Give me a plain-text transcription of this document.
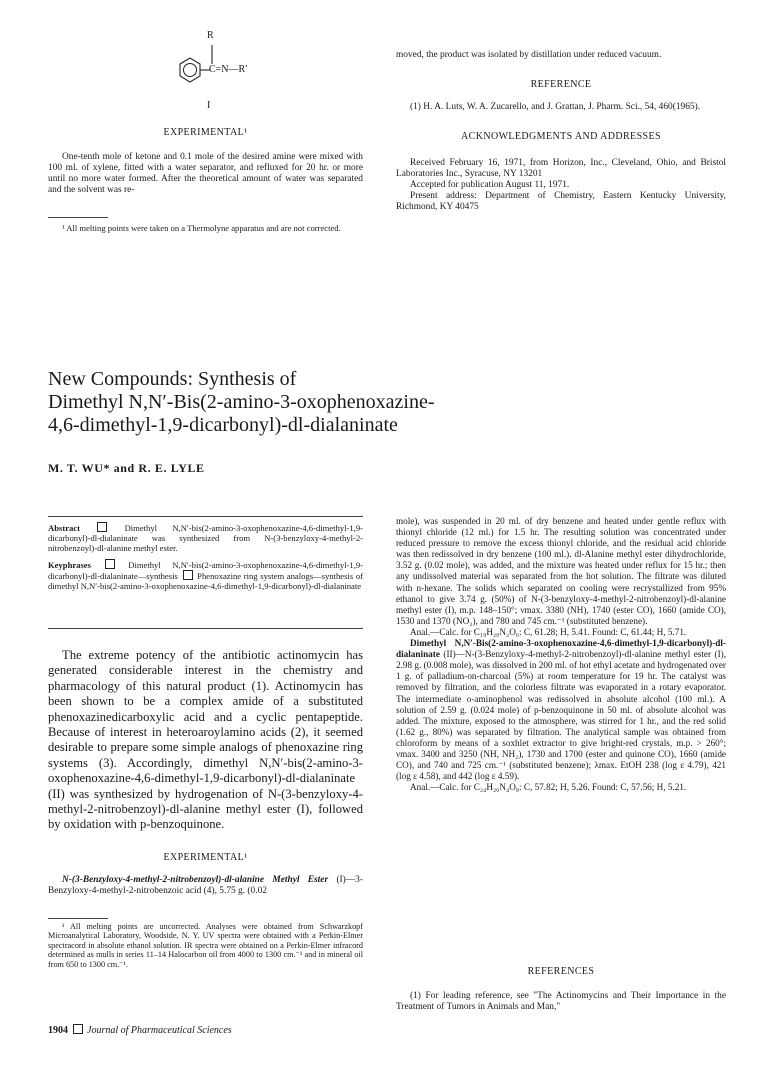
R
C=N—R′
I

EXPERIMENTAL¹

One-tenth mole of ketone and 0.1 mole of the desired amine were mixed with 100 ml. of xylene, fitted with a water separator, and refluxed for 20 hr. or more until no more water formed. After the theoretical amount of water was separated and the solvent was re-

¹ All melting points were taken on a Thermolyne apparatus and are not corrected.

moved, the product was isolated by distillation under reduced vacuum.

REFERENCE

(1) H. A. Luts, W. A. Zucarello, and J. Grattan, J. Pharm. Sci., 54, 460(1965).

ACKNOWLEDGMENTS AND ADDRESSES

Received February 16, 1971, from Horizon, Inc., Cleveland, Ohio, and Bristol Laboratories Inc., Syracuse, NY 13201

Accepted for publication August 11, 1971.

Present address: Department of Chemistry, Eastern Kentucky University, Richmond, KY 40475

New Compounds: Synthesis of

Dimethyl N,N′-Bis(2-amino-3-oxophenoxazine-

4,6-dimethyl-1,9-dicarbonyl)-dl-dialaninate

M. T. WU* and R. E. LYLE

Abstract	Dimethyl N,N′-bis(2-amino-3-oxophenoxazine-4,6-dimethyl-1,9-dicarbonyl)-dl-dialaninate was synthesized from N-(3-benzyloxy-4-methyl-2-nitrobenzoyl)-dl-alanine methyl ester.

Keyphrases	Dimethyl N,N′-bis(2-amino-3-oxophenoxazine-4,6-dimethyl-1,9-dicarbonyl)-dl-dialaninate—synthesis Phenoxazine ring system analogs—synthesis of dimethyl N,N′-bis(2-amino-3-oxophenoxazine-4,6-dimethyl-1,9-dicarbonyl)-dl-dialaninate

The extreme potency of the antibiotic actinomycin has generated considerable interest in the chemistry and pharmacology of this natural product (1). Actinomycin has been shown to be a complex amide of a substituted phenoxazinedicarboxylic acid and a cyclic pentapeptide. Because of interest in heteroaroylamino acids (2), it seemed desirable to prepare some simple analogs of phenoxazine ring systems (3). Accordingly, dimethyl N,N′-bis(2-amino-3-oxophenoxazine-4,6-dimethyl-1,9-dicarbonyl)-dl-dialaninate (II) was synthesized by hydrogenation of N-(3-benzyloxy-4-methyl-2-nitrobenzoyl)-dl-alanine methyl ester (I), followed by oxidation with p-benzoquinone.

EXPERIMENTAL¹

N-(3-Benzyloxy-4-methyl-2-nitrobenzoyl)-dl-alanine Methyl Ester (I)—3-Benzyloxy-4-methyl-2-nitrobenzoic acid (4), 5.75 g. (0.02

¹ All melting points are uncorrected. Analyses were obtained from Schwarzkopf Microanalytical Laboratory, Woodside, N. Y. UV spectra were obtained with a Perkin-Elmer spectracord in absolute ethanol solution. IR spectra were obtained on a Perkin-Elmer infracord determined as mulls in series 11–14 Halocarbon oil from 4000 to 1300 cm.⁻¹ and in mineral oil from 650 to 1300 cm.⁻¹.

mole), was suspended in 20 ml. of dry benzene and heated under gentle reflux with thionyl chloride (12 ml.) for 1.5 hr. The resulting solution was concentrated under reduced pressure to remove the excess thionyl chloride, and the residual acid chloride was then redissolved in dry benzene (100 ml.). dl-Alanine methyl ester dihydrochloride, 3.52 g. (0.02 mole), was added, and the mixture was heated under reflux for 15 hr.; then any undissolved material was separated from the hot solution. The filtrate was diluted with n-hexane. The solids which separated on cooling were recrystallized from 95% ethanol to give 3.74 g. (50%) of N-(3-benzyloxy-4-methyl-2-nitrobenzoyl)-dl-alanine methyl ester (I), m.p. 148–150°; νmax. 3380 (NH), 1740 (ester CO), 1660 (amide CO), 1530 and 1370 (NO₂), and 780 and 745 cm.⁻¹ (substituted benzene).

Anal.—Calc. for C₁₉H₂₀N₂O₆: C, 61.28; H, 5.41. Found: C, 61.44; H, 5.71.

Dimethyl N,N′-Bis(2-amino-3-oxophenoxazine-4,6-dimethyl-1,9-dicarbonyl)-dl-dialaninate (II)—N-(3-Benzyloxy-4-methyl-2-nitrobenzoyl)-dl-alanine methyl ester (I), 2.98 g. (0.008 mole), was dissolved in 200 ml. of hot ethyl acetate and hydrogenated over 1 g. of palladium-on-charcoal (5%) at room temperature for 19 hr. The catalyst was removed by filtration, and the colorless filtrate was evaporated in a rotary evaporator. The intermediate o-aminophenol was redissolved in absolute alcohol (100 ml.). A solution of 2.59 g. (0.024 mole) of p-benzoquinone in 50 ml. of absolute alcohol was added. The mixture, exposed to the atmosphere, was stirred for 1 hr., and the red solid (1.62 g., 80%) was separated by filtration. The analytical sample was obtained from chloroform by means of a soxhlet extractor to give bright-red crystals, m.p. > 260°; νmax. 3400 and 3250 (NH, NH₂), 1730 and 1700 (ester and quinone CO), 1660 (amide CO), and 740 and 725 cm.⁻¹ (substituted benzene); λmax. EtOH 238 (log ε 4.79), 421 (log ε 4.58), and 442 (log ε 4.59).

Anal.—Calc. for C₂₄H₂₆N₄O₈: C, 57.82; H, 5.26. Found: C, 57.56; H, 5.21.

REFERENCES

(1) For leading reference, see "The Actinomycins and Their Importance in the Treatment of Tumors in Animals and Man,"

1904 Journal of Pharmaceutical Sciences
